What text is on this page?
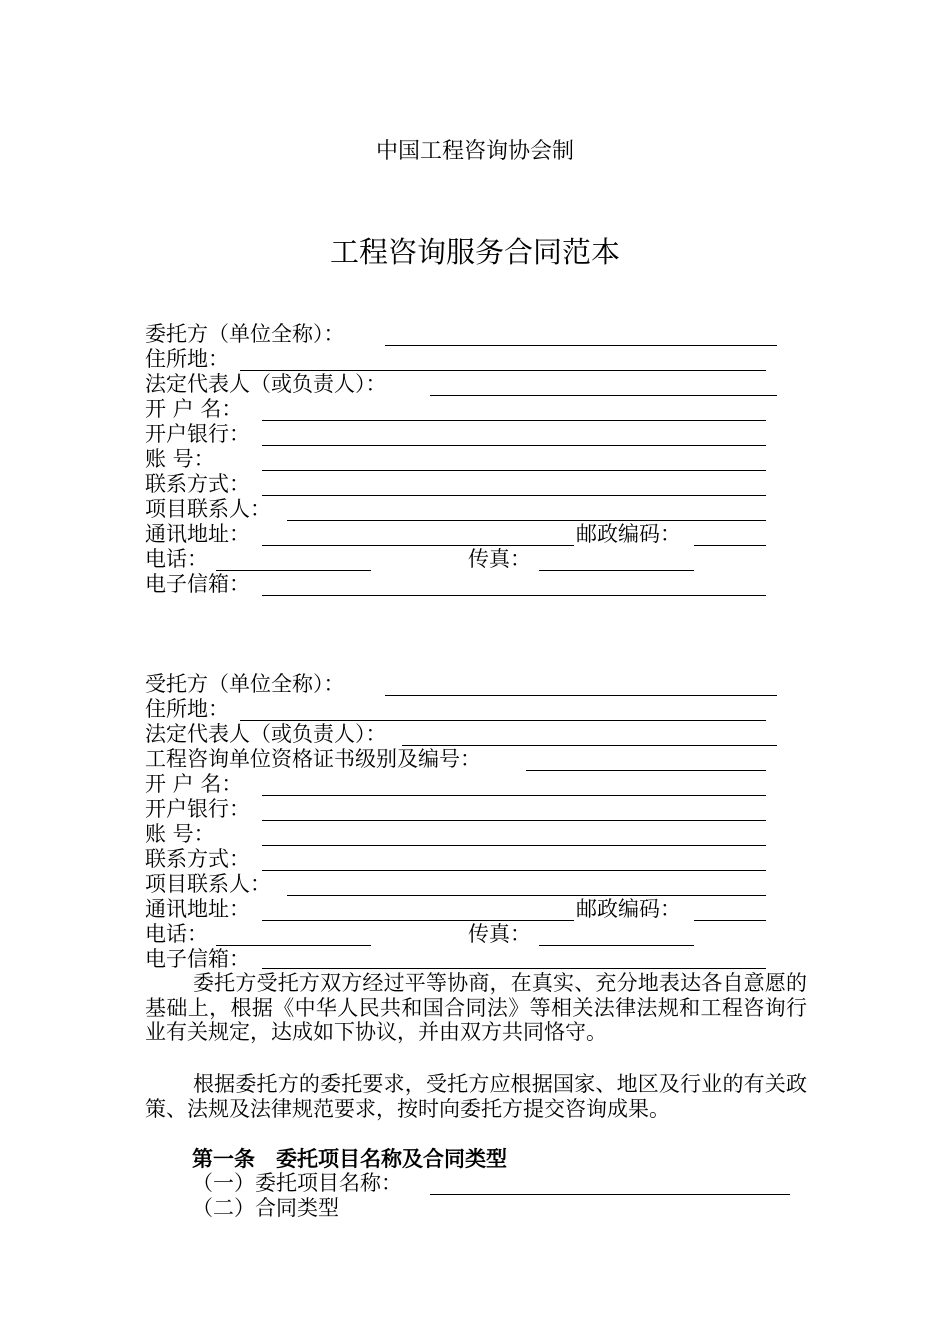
中国工程咨询协会制
工程咨询服务合同范本
委托方（单位全称）：
住所地：
法定代表人（或负责人）：
开 户 名：
开户银行：
账 号：
联系方式：
项目联系人：
通讯地址：	邮政编码：
电话：	传真：
电子信箱：
受托方（单位全称）：
住所地：
法定代表人（或负责人）：
工程咨询单位资格证书级别及编号：
开 户 名：
开户银行：
账 号：
联系方式：
项目联系人：
通讯地址：	邮政编码：
电话：	传真：
电子信箱：
委托方受托方双方经过平等协商，在真实、充分地表达各自意愿的基础上，根据《中华人民共和国合同法》等相关法律法规和工程咨询行业有关规定，达成如下协议，并由双方共同恪守。
根据委托方的委托要求，受托方应根据国家、地区及行业的有关政策、法规及法律规范要求，按时向委托方提交咨询成果。
第一条　委托项目名称及合同类型
（一）委托项目名称：
（二）合同类型
